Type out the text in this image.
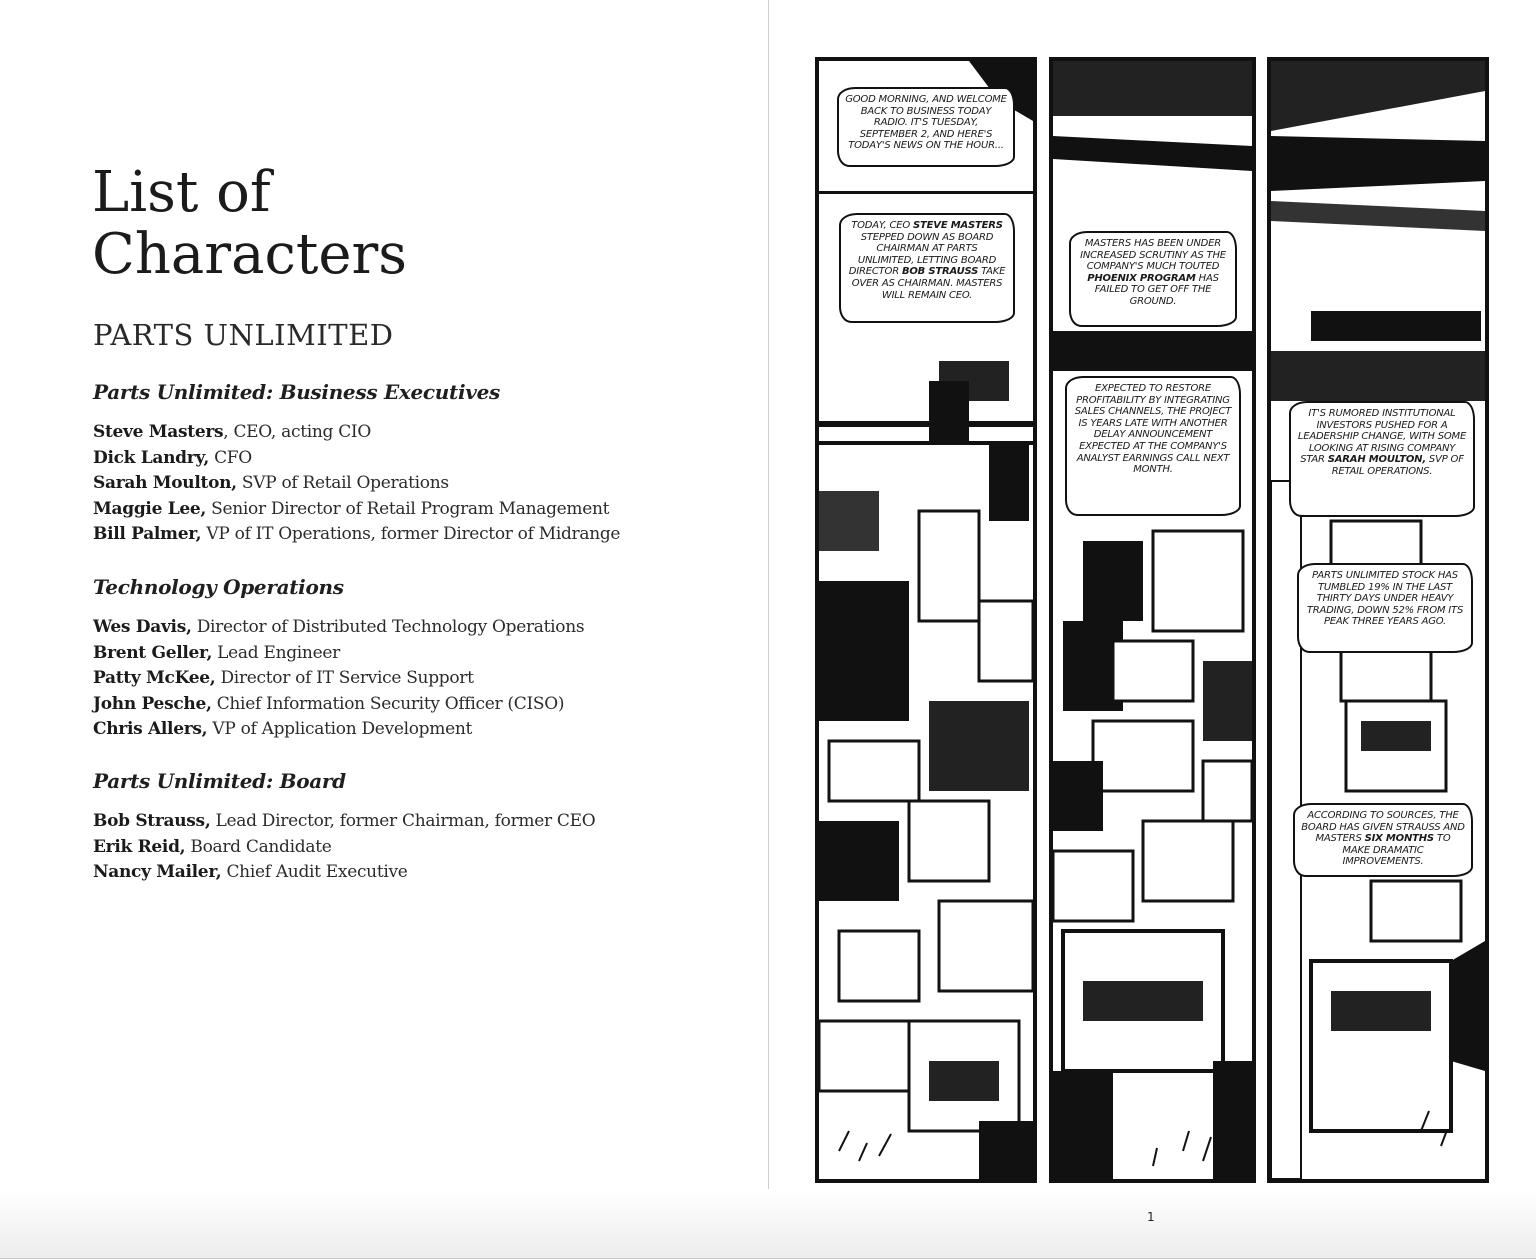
List of
Characters
PARTS UNLIMITED
Parts Unlimited: Business Executives
Steve Masters, CEO, acting CIO
Dick Landry, CFO
Sarah Moulton, SVP of Retail Operations
Maggie Lee, Senior Director of Retail Program Management
Bill Palmer, VP of IT Operations, former Director of Midrange
Technology Operations
Wes Davis, Director of Distributed Technology Operations
Brent Geller, Lead Engineer
Patty McKee, Director of IT Service Support
John Pesche, Chief Information Security Officer (CISO)
Chris Allers, VP of Application Development
Parts Unlimited: Board
Bob Strauss, Lead Director, former Chairman, former CEO
Erik Reid, Board Candidate
Nancy Mailer, Chief Audit Executive
GOOD MORNING, AND WELCOME BACK TO BUSINESS TODAY RADIO. IT'S TUESDAY, SEPTEMBER 2, AND HERE'S TODAY'S NEWS ON THE HOUR...
TODAY, CEO STEVE MASTERS STEPPED DOWN AS BOARD CHAIRMAN AT PARTS UNLIMITED, LETTING BOARD DIRECTOR BOB STRAUSS TAKE OVER AS CHAIRMAN. MASTERS WILL REMAIN CEO.
MASTERS HAS BEEN UNDER INCREASED SCRUTINY AS THE COMPANY'S MUCH TOUTED PHOENIX PROGRAM HAS FAILED TO GET OFF THE GROUND.
EXPECTED TO RESTORE PROFITABILITY BY INTEGRATING SALES CHANNELS, THE PROJECT IS YEARS LATE WITH ANOTHER DELAY ANNOUNCEMENT EXPECTED AT THE COMPANY'S ANALYST EARNINGS CALL NEXT MONTH.
IT'S RUMORED INSTITUTIONAL INVESTORS PUSHED FOR A LEADERSHIP CHANGE, WITH SOME LOOKING AT RISING COMPANY STAR SARAH MOULTON, SVP OF RETAIL OPERATIONS.
PARTS UNLIMITED STOCK HAS TUMBLED 19% IN THE LAST THIRTY DAYS UNDER HEAVY TRADING, DOWN 52% FROM ITS PEAK THREE YEARS AGO.
ACCORDING TO SOURCES, THE BOARD HAS GIVEN STRAUSS AND MASTERS SIX MONTHS TO MAKE DRAMATIC IMPROVEMENTS.
1
